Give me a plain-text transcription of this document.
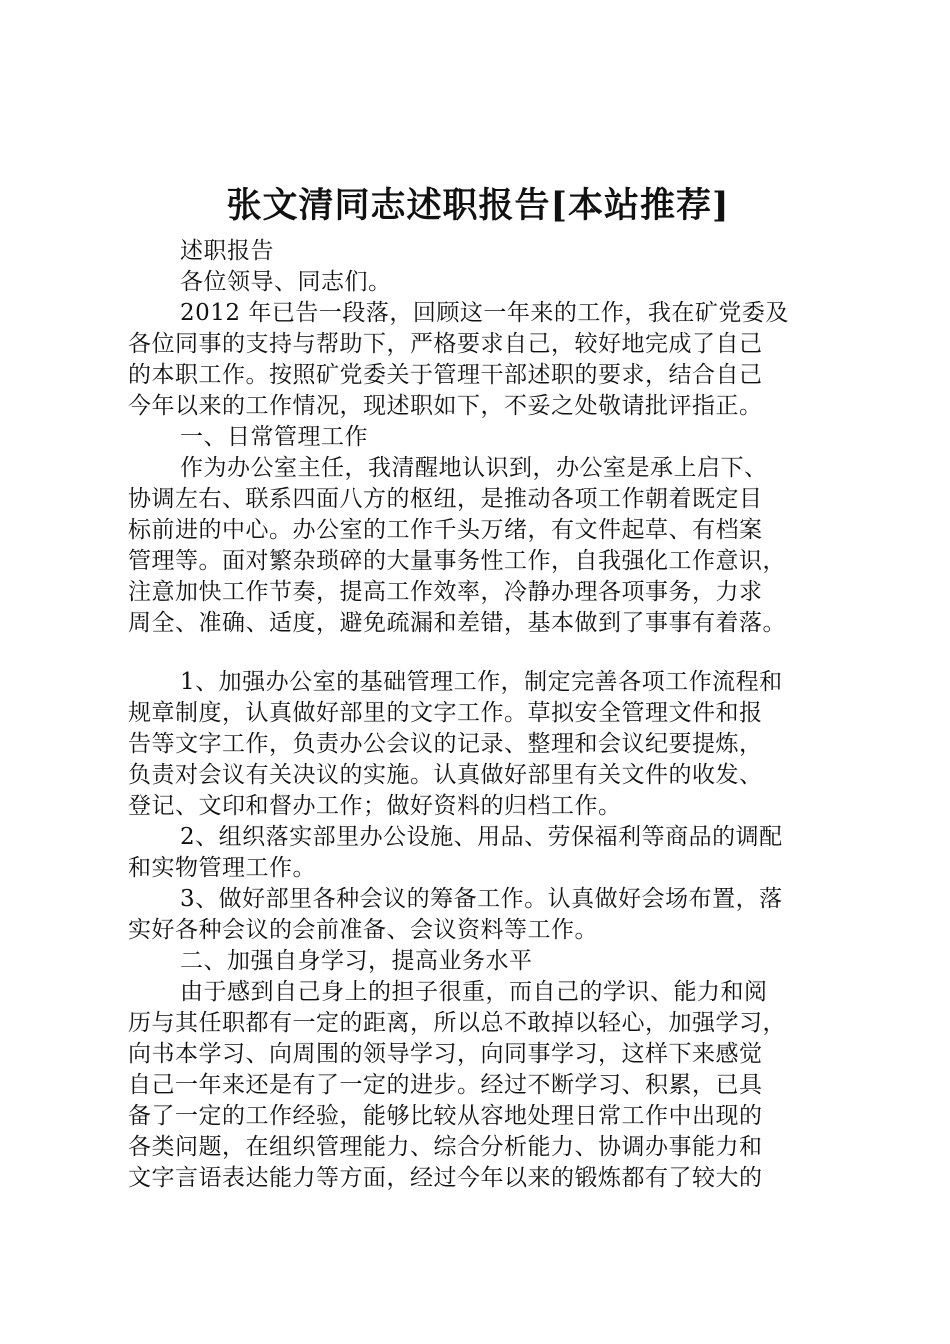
张文清同志述职报告[本站推荐]
述职报告
各位领导、同志们。
2012 年已告一段落，回顾这一年来的工作，我在矿党委及
各位同事的支持与帮助下，严格要求自己，较好地完成了自己
的本职工作。按照矿党委关于管理干部述职的要求，结合自己
今年以来的工作情况，现述职如下，不妥之处敬请批评指正。
一、日常管理工作
作为办公室主任，我清醒地认识到，办公室是承上启下、
协调左右、联系四面八方的枢纽，是推动各项工作朝着既定目
标前进的中心。办公室的工作千头万绪，有文件起草、有档案
管理等。面对繁杂琐碎的大量事务性工作，自我强化工作意识，
注意加快工作节奏，提高工作效率，冷静办理各项事务，力求
周全、准确、适度，避免疏漏和差错，基本做到了事事有着落。
1、加强办公室的基础管理工作，制定完善各项工作流程和
规章制度，认真做好部里的文字工作。草拟安全管理文件和报
告等文字工作，负责办公会议的记录、整理和会议纪要提炼，
负责对会议有关决议的实施。认真做好部里有关文件的收发、
登记、文印和督办工作；做好资料的归档工作。
2、组织落实部里办公设施、用品、劳保福利等商品的调配
和实物管理工作。
3、做好部里各种会议的筹备工作。认真做好会场布置，落
实好各种会议的会前准备、会议资料等工作。
二、加强自身学习，提高业务水平
由于感到自己身上的担子很重，而自己的学识、能力和阅
历与其任职都有一定的距离，所以总不敢掉以轻心，加强学习，
向书本学习、向周围的领导学习，向同事学习，这样下来感觉
自己一年来还是有了一定的进步。经过不断学习、积累，已具
备了一定的工作经验，能够比较从容地处理日常工作中出现的
各类问题，在组织管理能力、综合分析能力、协调办事能力和
文字言语表达能力等方面，经过今年以来的锻炼都有了较大的
